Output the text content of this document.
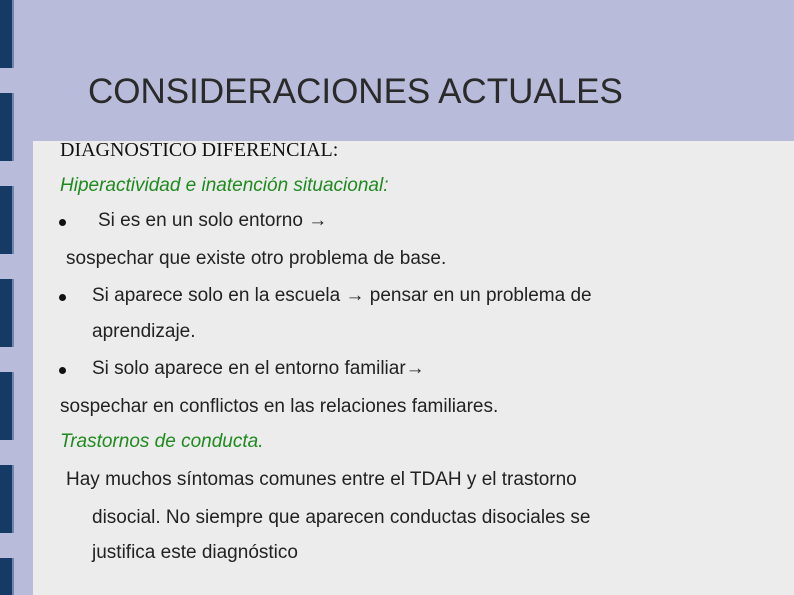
CONSIDERACIONES ACTUALES
DIAGNOSTICO DIFERENCIAL:
Hiperactividad e inatención situacional:
Si es en un solo entorno →
sospechar que existe otro problema de base.
Si aparece solo en la escuela → pensar en un problema de
aprendizaje.
Si solo aparece en el entorno familiar→
sospechar en conflictos en las relaciones familiares.
Trastornos de conducta.
Hay muchos síntomas comunes entre el TDAH y el trastorno
disocial. No siempre que aparecen conductas disociales se
justifica este diagnóstico
